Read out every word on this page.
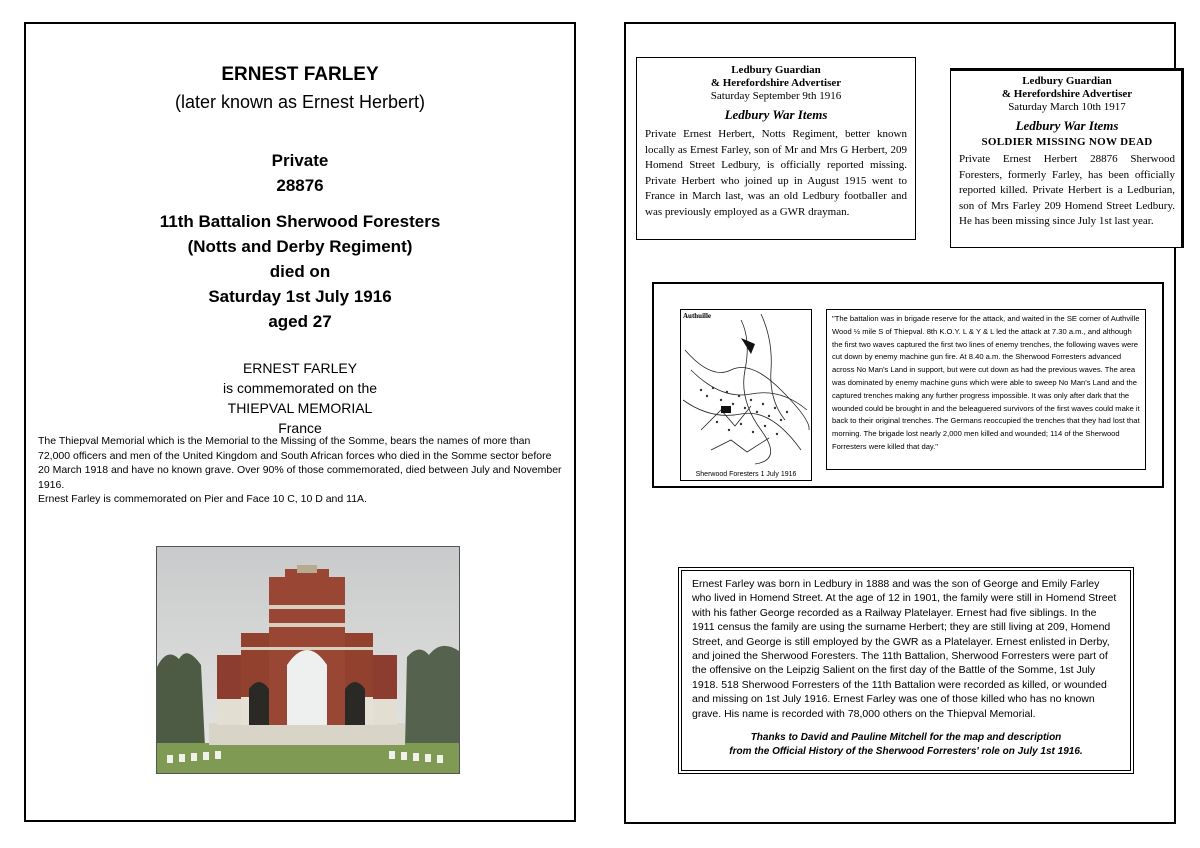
ERNEST FARLEY
(later known as Ernest Herbert)
Private
28876
11th Battalion Sherwood Foresters
(Notts and Derby Regiment)
died on
Saturday 1st July 1916
aged 27
ERNEST FARLEY
is commemorated on the
THIEPVAL MEMORIAL
France
The Thiepval Memorial which is the Memorial to the Missing of the Somme, bears the names of more than 72,000 officers and men of the United Kingdom and South African forces who died in the Somme sector before 20 March 1918 and have no known grave. Over 90% of those commemorated, died between July and November 1916.
Ernest Farley is commemorated on Pier and Face 10 C, 10 D and 11A.
Ledbury Guardian
& Herefordshire Advertiser
Saturday September 9th 1916
Ledbury War Items
Private Ernest Herbert, Notts Regiment, better known locally as Ernest Farley, son of Mr and Mrs G Herbert, 209 Homend Street Ledbury, is officially reported missing. Private Herbert who joined up in August 1915 went to France in March last, was an old Ledbury footballer and was previously employed as a GWR drayman.
Ledbury Guardian
& Herefordshire Advertiser
Saturday March 10th 1917
Ledbury War Items
SOLDIER MISSING NOW DEAD
Private Ernest Herbert 28876 Sherwood Foresters, formerly Farley, has been officially reported killed. Private Herbert is a Ledburian, son of Mrs Farley 209 Homend Street Ledbury. He has been missing since July 1st last year.
Authuille
Sherwood Foresters 1 July 1916
"The battalion was in brigade reserve for the attack, and waited in the SE corner of Authville Wood ½ mile S of Thiepval. 8th K.O.Y. L & Y & L led the attack at 7.30 a.m., and although the first two waves captured the first two lines of enemy trenches, the following waves were cut down by enemy machine gun fire. At 8.40 a.m. the Sherwood Forresters advanced across No Man's Land in support, but were cut down as had the previous waves. The area was dominated by enemy machine guns which were able to sweep No Man's Land and the captured trenches making any further progress impossible. It was only after dark that the wounded could be brought in and the beleaguered survivors of the first waves could make it back to their original trenches. The Germans reoccupied the trenches that they had lost that morning. The brigade lost nearly 2,000 men killed and wounded; 114 of the Sherwood Forresters were killed that day."
Ernest Farley was born in Ledbury in 1888 and was the son of George and Emily Farley who lived in Homend Street. At the age of 12 in 1901, the family were still in Homend Street with his father George recorded as a Railway Platelayer. Ernest had five siblings. In the 1911 census the family are using the surname Herbert; they are still living at 209, Homend Street, and George is still employed by the GWR as a Platelayer. Ernest enlisted in Derby, and joined the Sherwood Foresters. The 11th Battalion, Sherwood Forresters were part of the offensive on the Leipzig Salient on the first day of the Battle of the Somme, 1st July 1918. 518 Sherwood Forresters of the 11th Battalion were recorded as killed, or wounded and missing on 1st July 1916. Ernest Farley was one of those killed who has no known grave. His name is recorded with 78,000 others on the Thiepval Memorial.
Thanks to David and Pauline Mitchell for the map and description
from the Official History of the Sherwood Forresters' role on July 1st 1916.
